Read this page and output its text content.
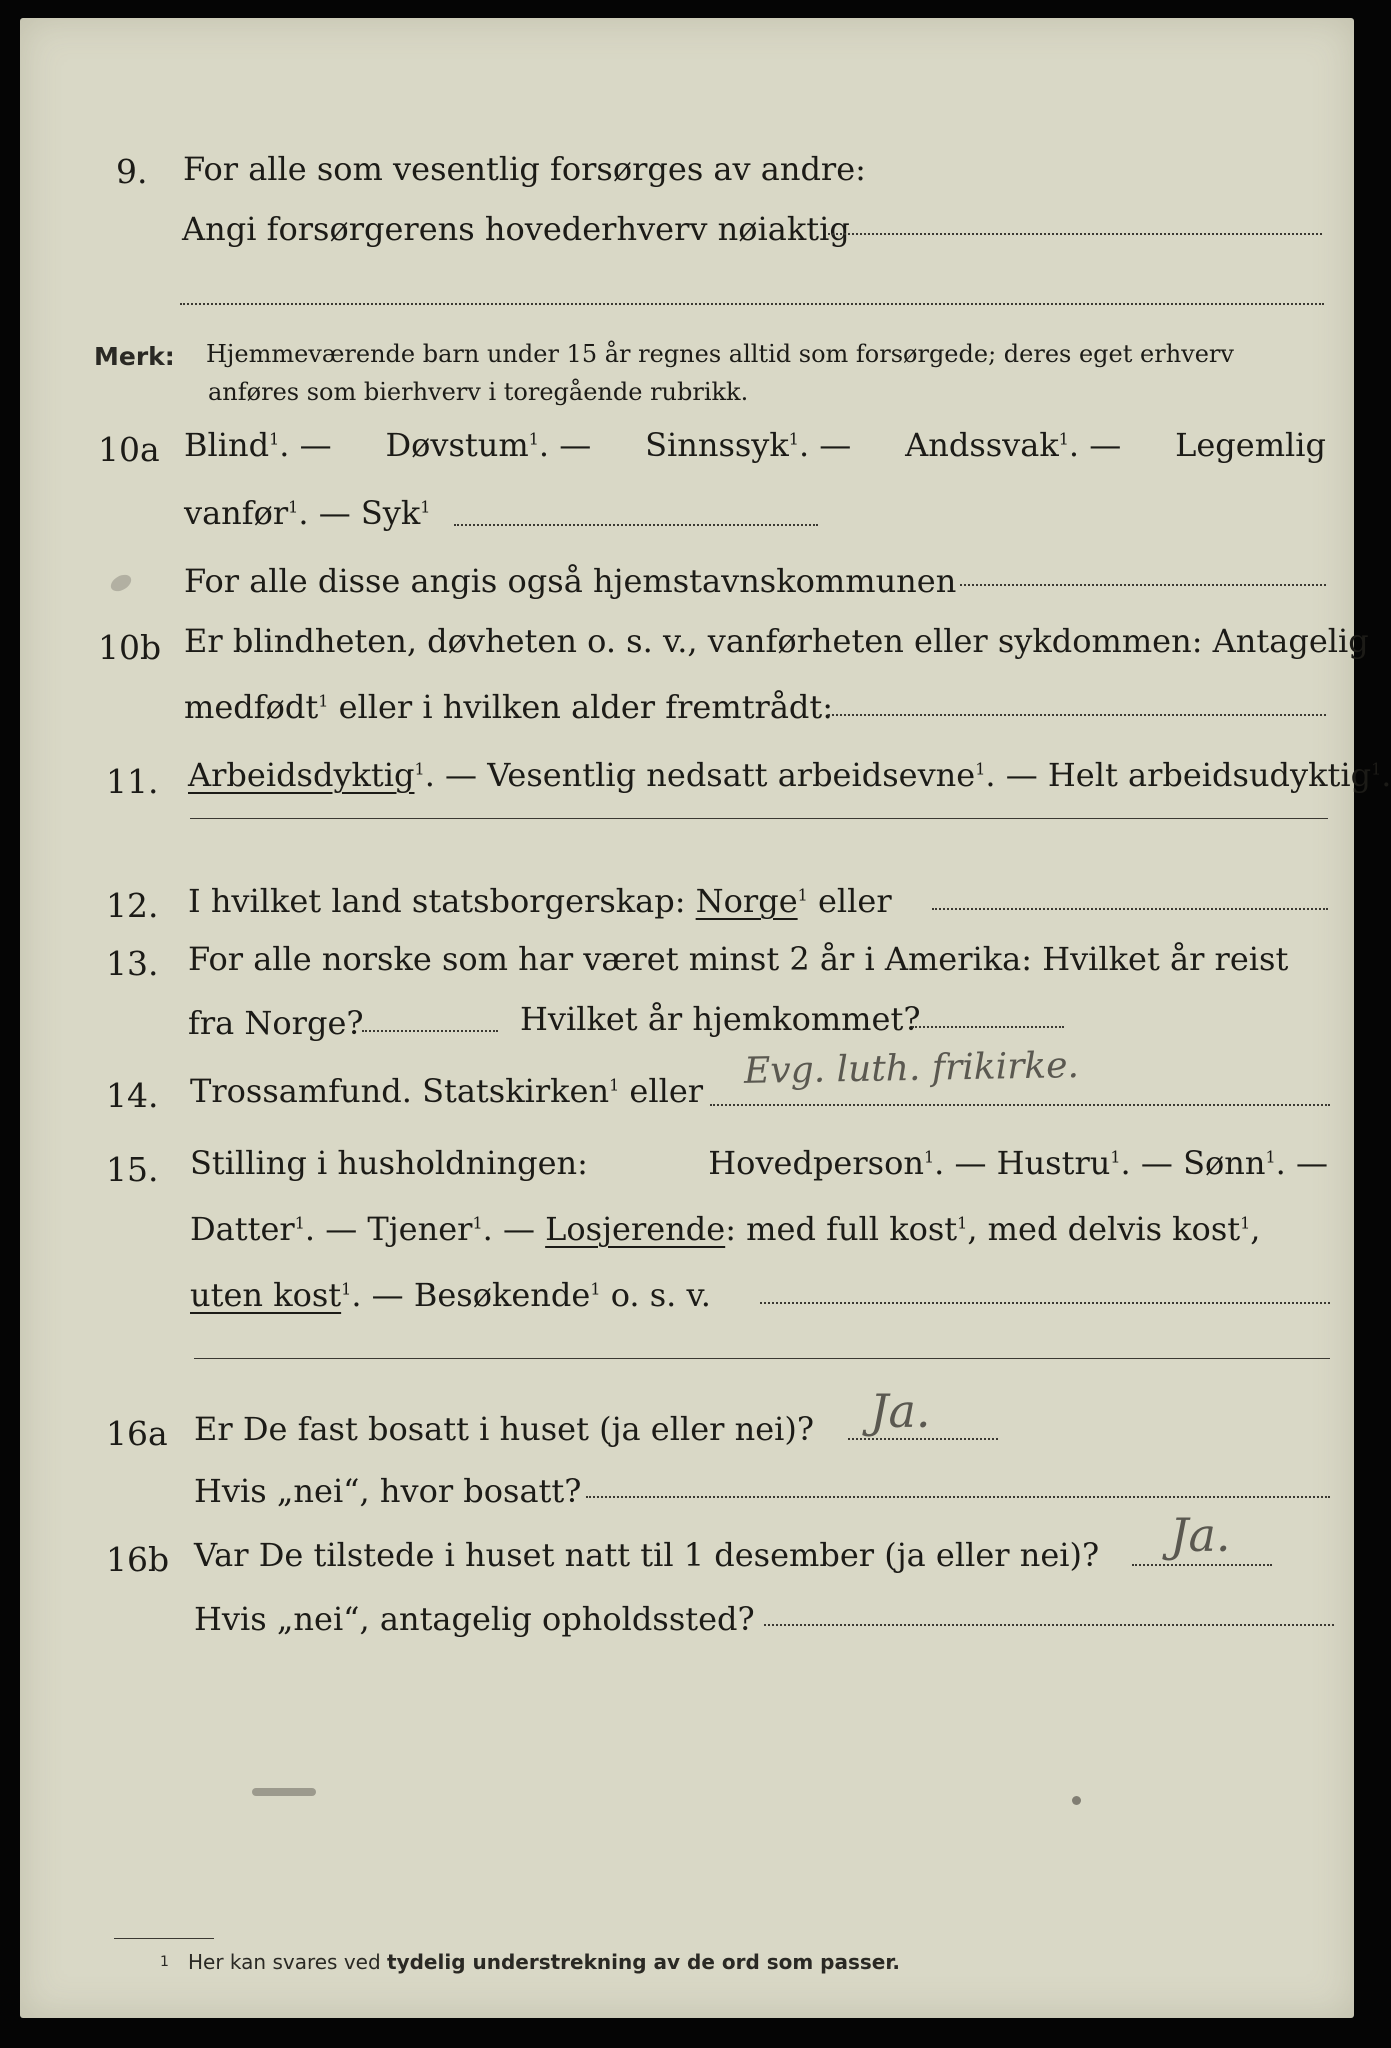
9. For alle som vesentlig forsørges av andre:
Angi forsørgerens hovederhverv nøiaktig
Merk: Hjemmeværende barn under 15 år regnes alltid som forsørgede; deres eget erhverv
anføres som bierhverv i toregående rubrikk.
10a Blind$^1$. — Døvstum$^1$. — Sinnssyk$^1$. — Andssvak$^1$. — Legemlig
vanfør$^1$. — Syk$^1$
For alle disse angis også hjemstavnskommunen
10b Er blindheten, døvheten o. s. v., vanførheten eller sykdommen: Antagelig
medfødt$^1$ eller i hvilken alder fremtrådt:
11. Arbeidsdyktig$^1$. — Vesentlig nedsatt arbeidsevne$^1$. — Helt arbeidsudyktig$^1$.
12. I hvilket land statsborgerskap: Norge$^1$ eller
13. For alle norske som har været minst 2 år i Amerika: Hvilket år reist
fra Norge?	Hvilket år hjemkommet?
14. Trossamfund. Statskirken$^1$ eller Evg. luth. frikirke.
15. Stilling i husholdningen:	Hovedperson$^1$. — Hustru$^1$. — Sønn$^1$. —
Datter$^1$. — Tjener$^1$. — Losjerende: med full kost$^1$, med delvis kost$^1$,
uten kost$^1$. — Besøkende$^1$ o. s. v.
16a Er De fast bosatt i huset (ja eller nei)? Ja.
Hvis „nei“, hvor bosatt?
16b Var De tilstede i huset natt til 1 desember (ja eller nei)? Ja.
Hvis „nei“, antagelig opholdssted?
1 Her kan svares ved tydelig understrekning av de ord som passer.
